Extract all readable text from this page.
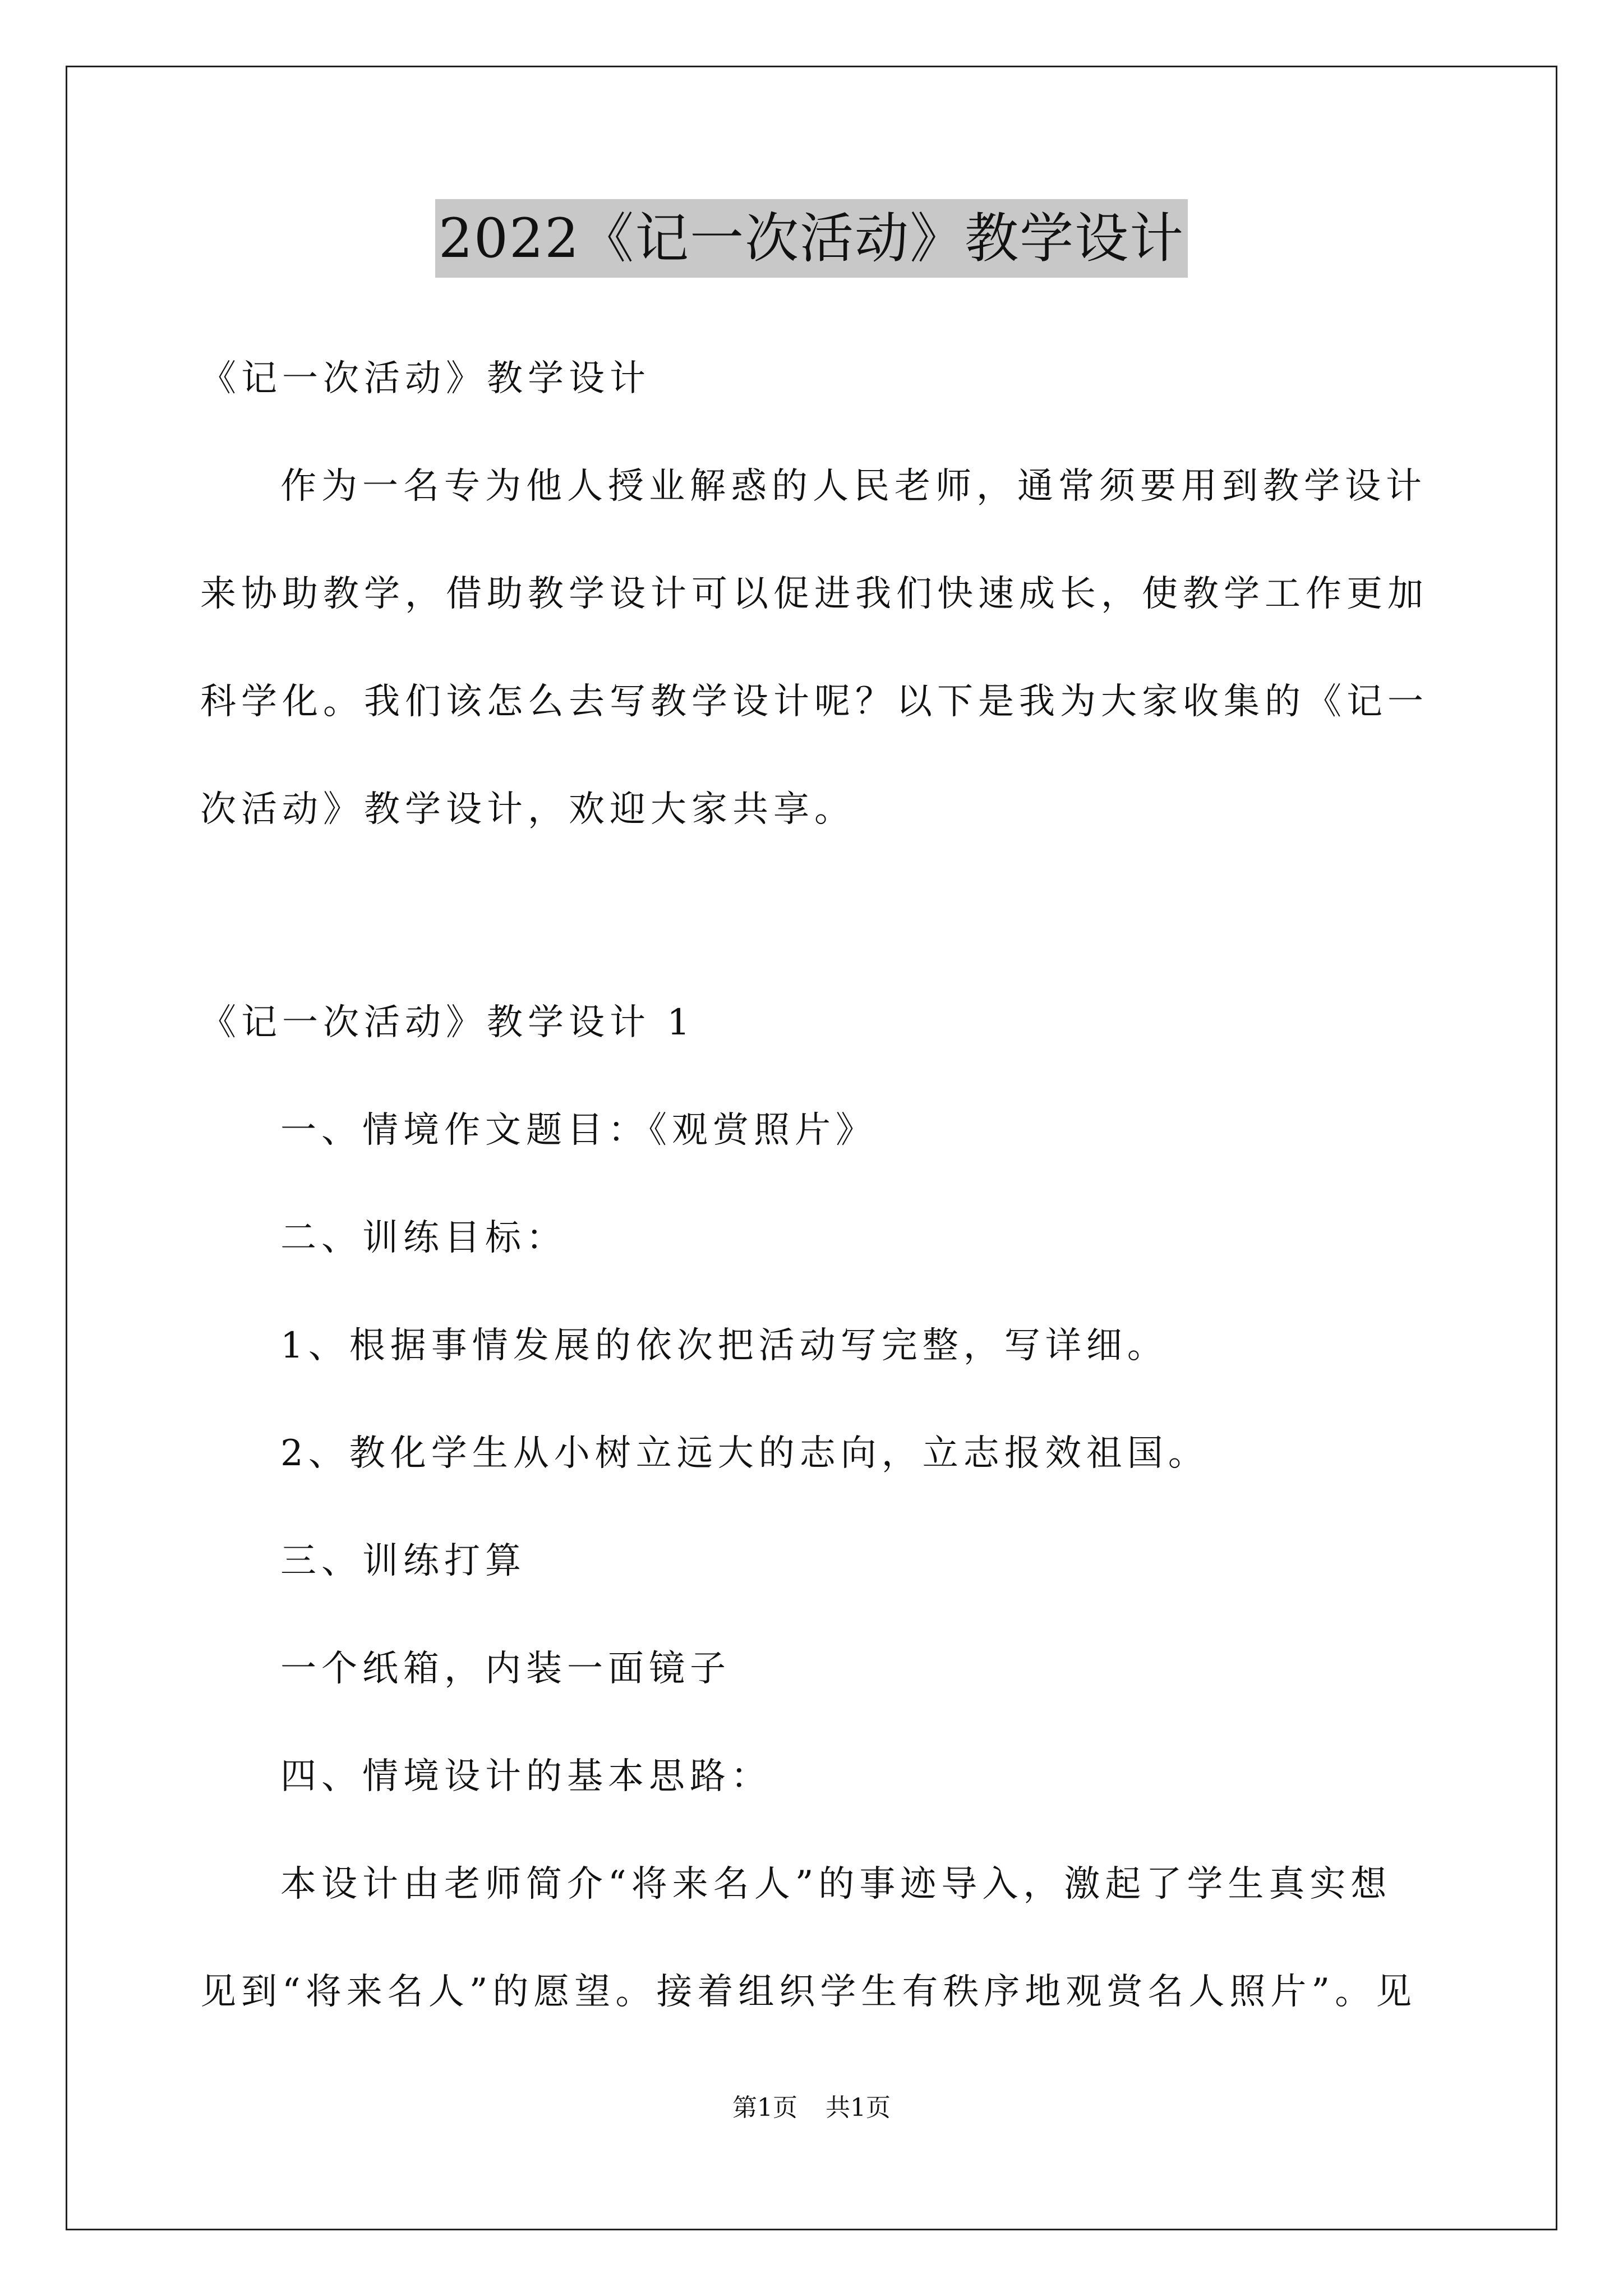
2022《记一次活动》教学设计
《记一次活动》教学设计
作为一名专为他人授业解惑的人民老师，通常须要用到教学设计
来协助教学，借助教学设计可以促进我们快速成长，使教学工作更加
科学化。我们该怎么去写教学设计呢？以下是我为大家收集的《记一
次活动》教学设计，欢迎大家共享。
《记一次活动》教学设计 1
一、情境作文题目：《观赏照片》
二、训练目标：
1、根据事情发展的依次把活动写完整，写详细。
2、教化学生从小树立远大的志向，立志报效祖国。
三、训练打算
一个纸箱，内装一面镜子
四、情境设计的基本思路：
本设计由老师简介“将来名人”的事迹导入，激起了学生真实想
见到“将来名人”的愿望。接着组织学生有秩序地观赏名人照片”。见
第1页 共1页
